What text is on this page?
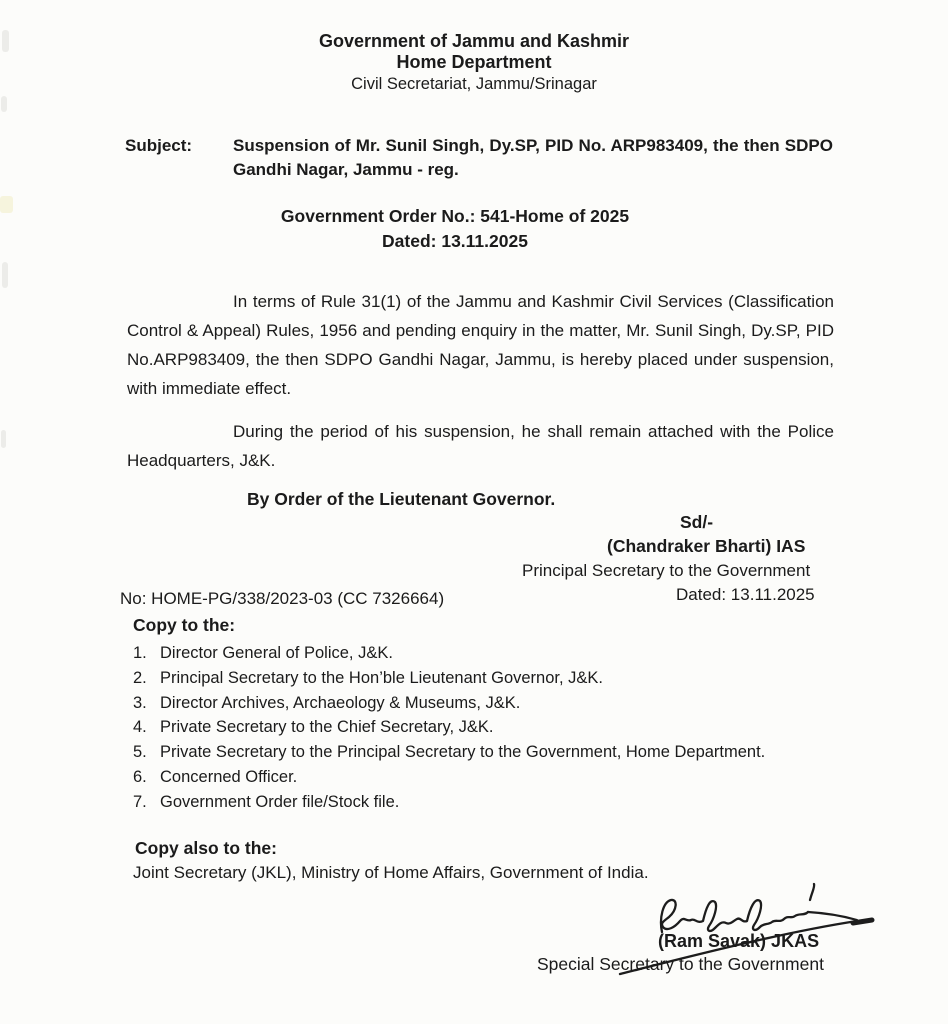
Government of Jammu and Kashmir
Home Department
Civil Secretariat, Jammu/Srinagar
Subject:	Suspension of Mr. Sunil Singh, Dy.SP, PID No. ARP983409, the then SDPO Gandhi Nagar, Jammu - reg.
Government Order No.: 541-Home of 2025
Dated: 13.11.2025

In terms of Rule 31(1) of the Jammu and Kashmir Civil Services (Classification Control & Appeal) Rules, 1956 and pending enquiry in the matter, Mr. Sunil Singh, Dy.SP, PID No.ARP983409, the then SDPO Gandhi Nagar, Jammu, is hereby placed under suspension, with immediate effect.

During the period of his suspension, he shall remain attached with the Police Headquarters, J&K.

By Order of the Lieutenant Governor.
Sd/-
(Chandraker Bharti) IAS
Principal Secretary to the Government
Dated: 13.11.2025
No: HOME-PG/338/2023-03 (CC 7326664)
Copy to the:
1. Director General of Police, J&K.
2. Principal Secretary to the Hon’ble Lieutenant Governor, J&K.
3. Director Archives, Archaeology & Museums, J&K.
4. Private Secretary to the Chief Secretary, J&K.
5. Private Secretary to the Principal Secretary to the Government, Home Department.
6. Concerned Officer.
7. Government Order file/Stock file.
Copy also to the:
Joint Secretary (JKL), Ministry of Home Affairs, Government of India.
(Ram Savak) JKAS
Special Secretary to the Government
